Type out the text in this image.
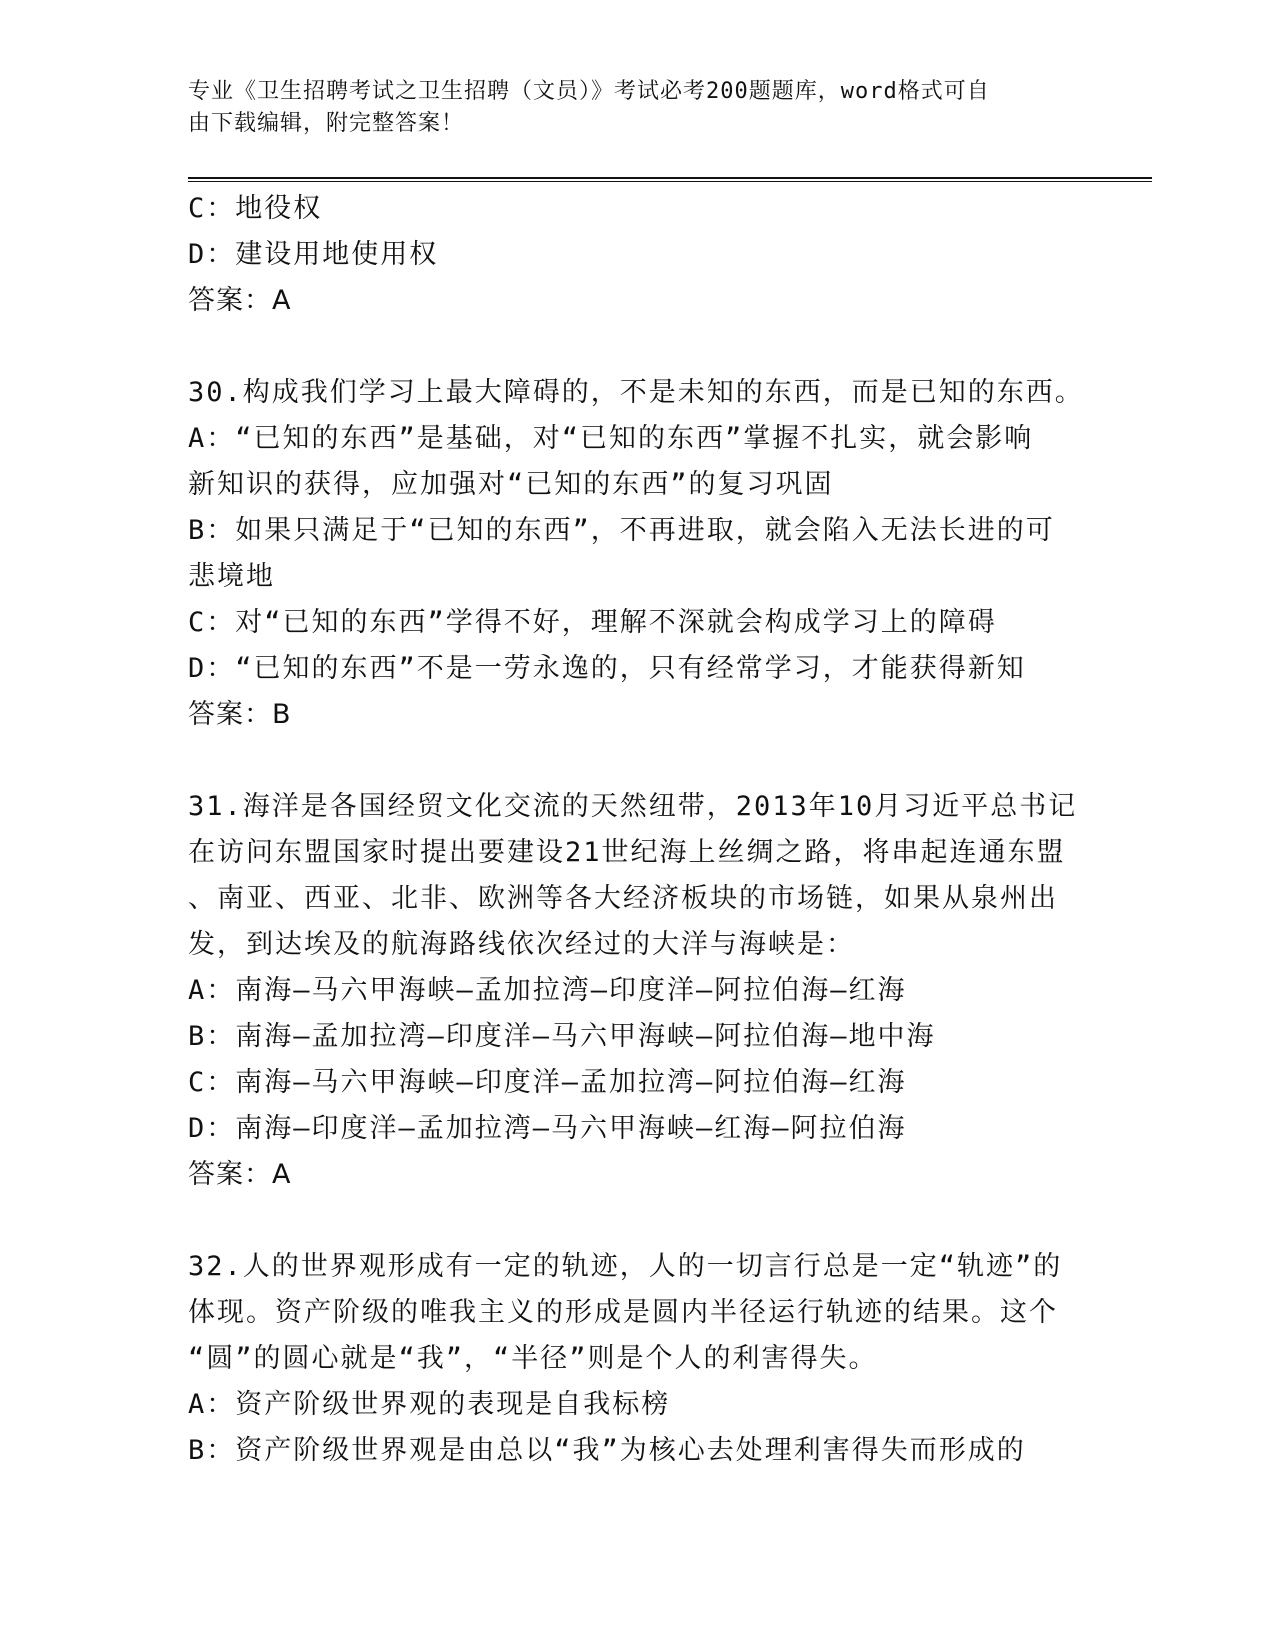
专业《卫生招聘考试之卫生招聘（文员）》考试必考200题题库，word格式可自
由下载编辑，附完整答案！
C：地役权
D：建设用地使用权
答案：A
30.构成我们学习上最大障碍的，不是未知的东西，而是已知的东西。
A：“已知的东西”是基础，对“已知的东西”掌握不扎实，就会影响
新知识的获得，应加强对“已知的东西”的复习巩固
B：如果只满足于“已知的东西”，不再进取，就会陷入无法长进的可
悲境地
C：对“已知的东西”学得不好，理解不深就会构成学习上的障碍
D：“已知的东西”不是一劳永逸的，只有经常学习，才能获得新知
答案：B
31.海洋是各国经贸文化交流的天然纽带，2013年10月习近平总书记
在访问东盟国家时提出要建设21世纪海上丝绸之路，将串起连通东盟
、南亚、西亚、北非、欧洲等各大经济板块的市场链，如果从泉州出
发，到达埃及的航海路线依次经过的大洋与海峡是：
A：南海—马六甲海峡—孟加拉湾—印度洋—阿拉伯海—红海
B：南海—孟加拉湾—印度洋—马六甲海峡—阿拉伯海—地中海
C：南海—马六甲海峡—印度洋—孟加拉湾—阿拉伯海—红海
D：南海—印度洋—孟加拉湾—马六甲海峡—红海—阿拉伯海
答案：A
32.人的世界观形成有一定的轨迹，人的一切言行总是一定“轨迹”的
体现。资产阶级的唯我主义的形成是圆内半径运行轨迹的结果。这个
“圆”的圆心就是“我”，“半径”则是个人的利害得失。
A：资产阶级世界观的表现是自我标榜
B：资产阶级世界观是由总以“我”为核心去处理利害得失而形成的
